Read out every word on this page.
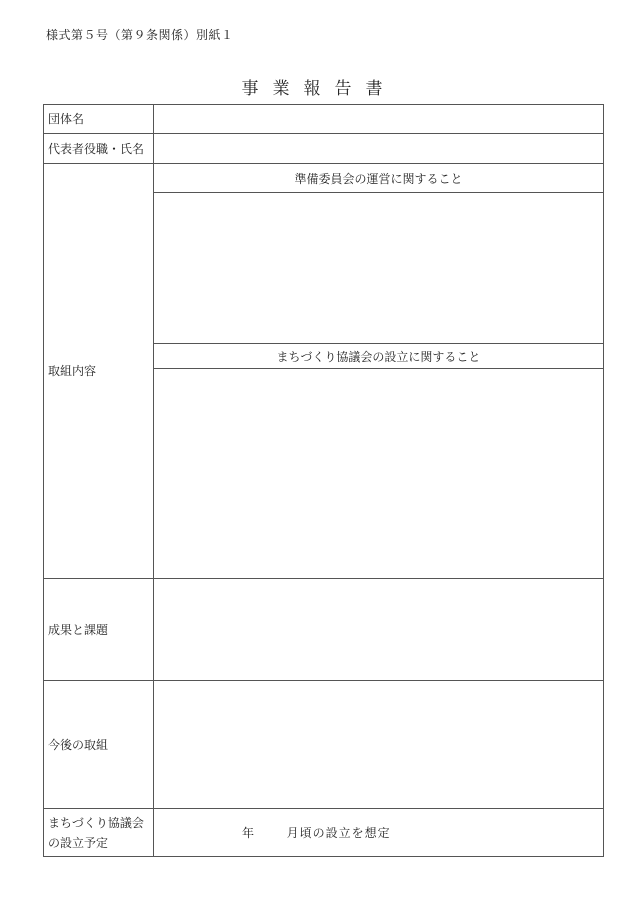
様式第５号（第９条関係）別紙１
事業報告書
団体名	
代表者役職・氏名	
取組内容	準備委員会の運営に関すること

	まちづくり協議会の設立に関すること

成果と課題	
今後の取組	

まちづくり協議会
の設立予定	年 月頃の設立を想定
